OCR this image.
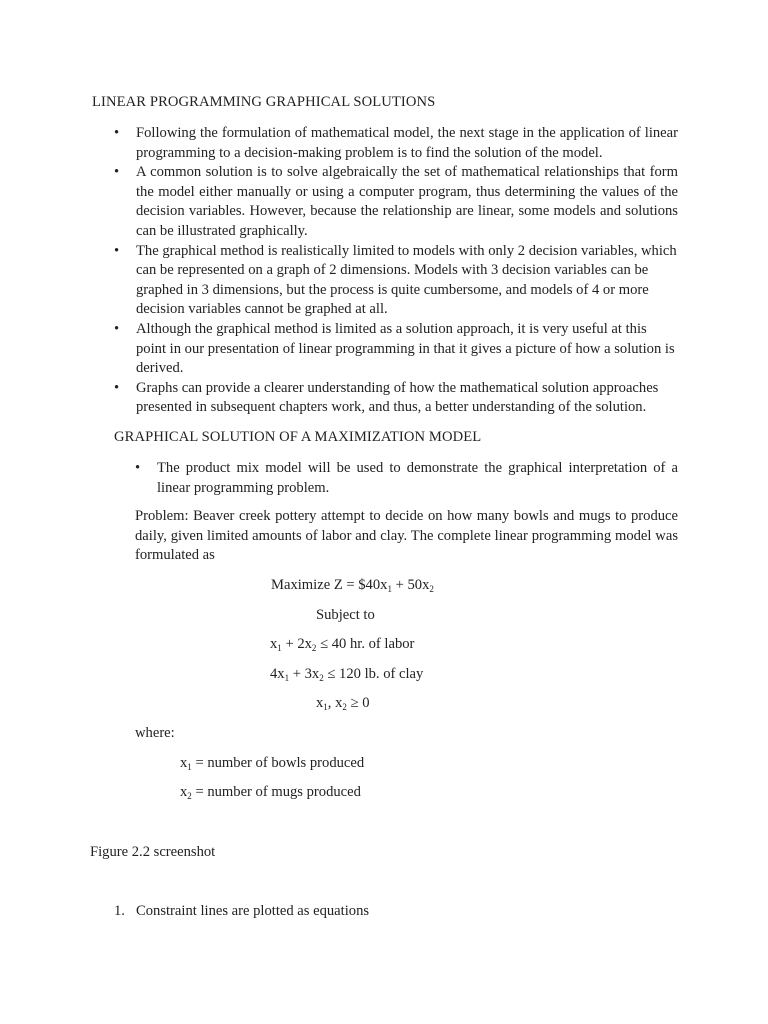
LINEAR PROGRAMMING GRAPHICAL SOLUTIONS
• Following the formulation of mathematical model, the next stage in the application of linear programming to a decision-making problem is to find the solution of the model.
• A common solution is to solve algebraically the set of mathematical relationships that form the model either manually or using a computer program, thus determining the values of the decision variables. However, because the relationship are linear, some models and solutions can be illustrated graphically.
• The graphical method is realistically limited to models with only 2 decision variables, which can be represented on a graph of 2 dimensions. Models with 3 decision variables can be graphed in 3 dimensions, but the process is quite cumbersome, and models of 4 or more decision variables cannot be graphed at all.
• Although the graphical method is limited as a solution approach, it is very useful at this point in our presentation of linear programming in that it gives a picture of how a solution is derived.
• Graphs can provide a clearer understanding of how the mathematical solution approaches presented in subsequent chapters work, and thus, a better understanding of the solution.
GRAPHICAL SOLUTION OF A MAXIMIZATION MODEL
• The product mix model will be used to demonstrate the graphical interpretation of a linear programming problem.
Problem: Beaver creek pottery attempt to decide on how many bowls and mugs to produce daily, given limited amounts of labor and clay. The complete linear programming model was formulated as
Maximize $Z = \$40x_1 + 50x_2$
Subject to
$x_1 + 2x_2 \le 40$ hr. of labor
$4x_1 + 3x_2 \le 120$ lb. of clay
$x_1$, $x_2 \ge 0$
where:
$x_1$ = number of bowls produced
$x_2$ = number of mugs produced
Figure 2.2 screenshot
1. Constraint lines are plotted as equations
